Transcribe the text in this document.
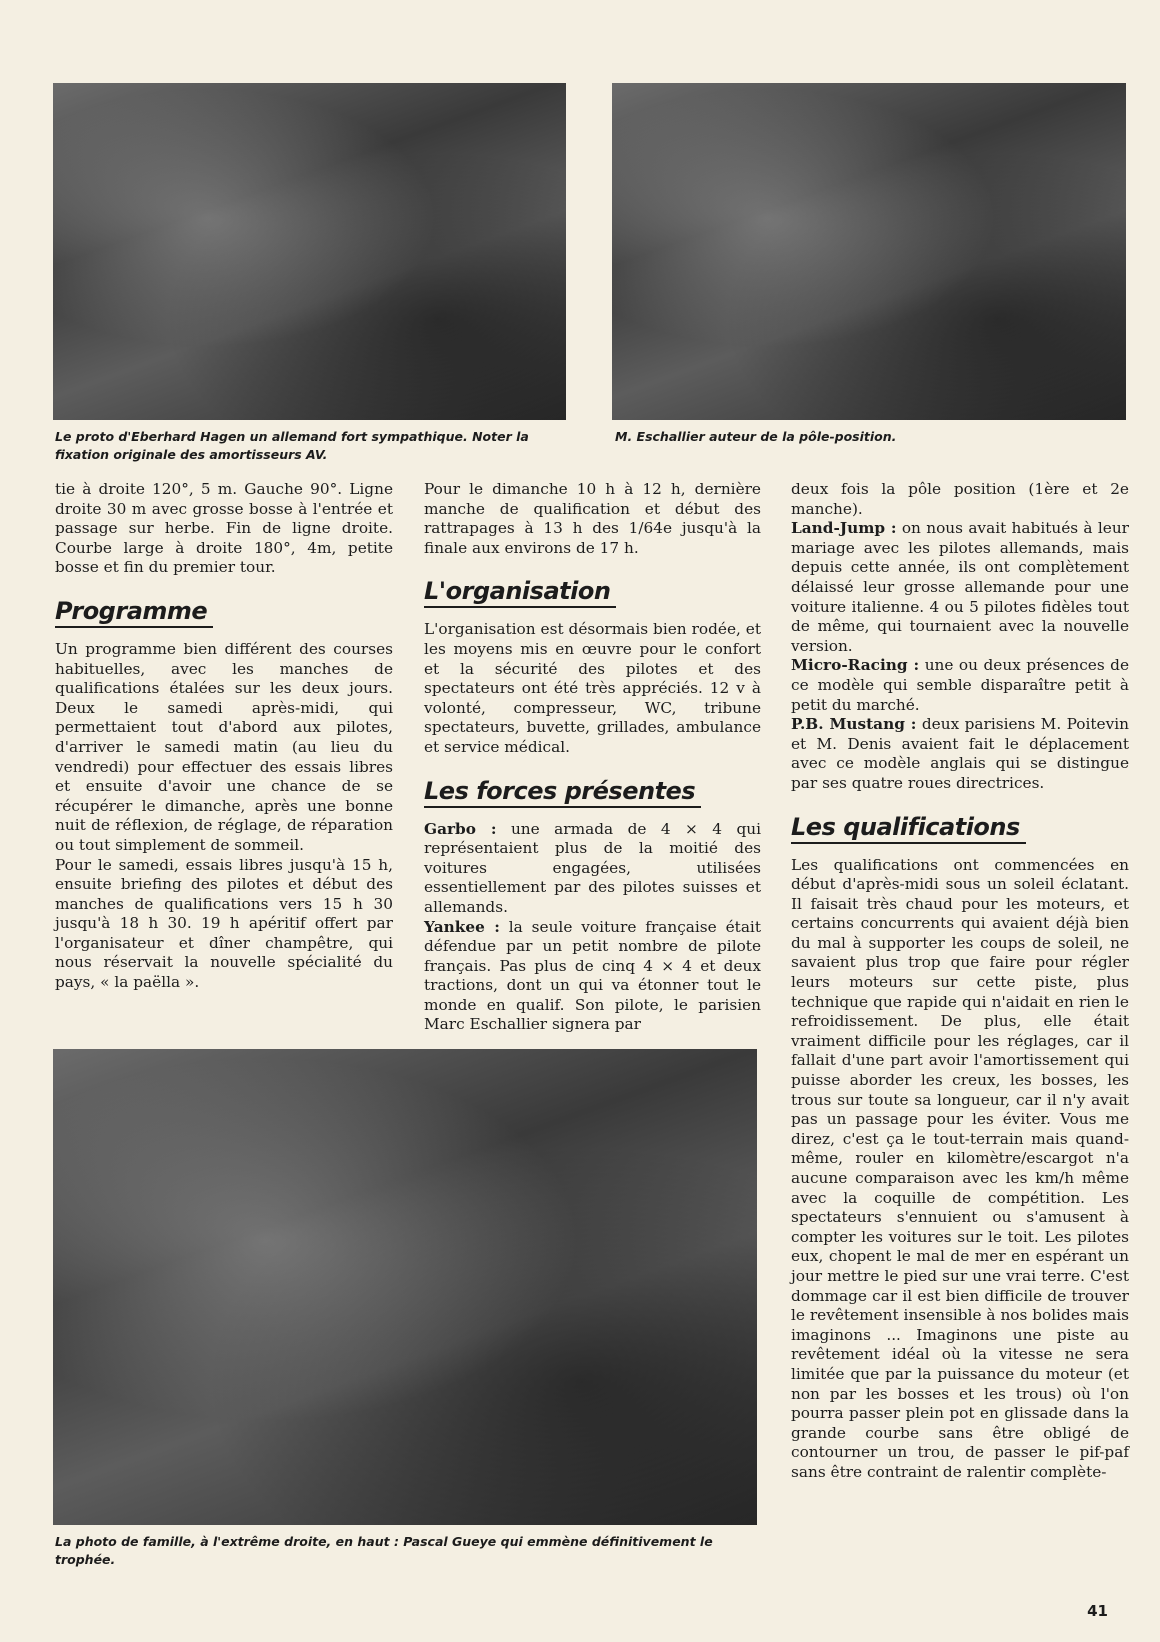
Le proto d'Eberhard Hagen un allemand fort sympathique. Noter la fixation originale des amortisseurs AV.
M. Eschallier auteur de la pôle-position.

tie à droite 120°, 5 m. Gauche 90°. Ligne droite 30 m avec grosse bosse à l'entrée et passage sur herbe. Fin de ligne droite. Courbe large à droite 180°, 4m, petite bosse et fin du premier tour.

Programme

Un programme bien différent des courses habituelles, avec les manches de qualifications étalées sur les deux jours. Deux le samedi après-midi, qui permettaient tout d'abord aux pilotes, d'arriver le samedi matin (au lieu du vendredi) pour effectuer des essais libres et ensuite d'avoir une chance de se récupérer le dimanche, après une bonne nuit de réflexion, de réglage, de réparation ou tout simplement de sommeil.

Pour le samedi, essais libres jusqu'à 15 h, ensuite briefing des pilotes et début des manches de qualifications vers 15 h 30 jusqu'à 18 h 30. 19 h apéritif offert par l'organisateur et dîner champêtre, qui nous réservait la nouvelle spécialité du pays, « la paëlla ».

Pour le dimanche 10 h à 12 h, dernière manche de qualification et début des rattrapages à 13 h des 1/64e jusqu'à la finale aux environs de 17 h.

L'organisation

L'organisation est désormais bien rodée, et les moyens mis en œuvre pour le confort et la sécurité des pilotes et des spectateurs ont été très appréciés. 12 v à volonté, compresseur, WC, tribune spectateurs, buvette, grillades, ambulance et service médical.

Les forces présentes

Garbo : une armada de 4 × 4 qui représentaient plus de la moitié des voitures engagées, utilisées essentiellement par des pilotes suisses et allemands.

Yankee : la seule voiture française était défendue par un petit nombre de pilote français. Pas plus de cinq 4 × 4 et deux tractions, dont un qui va étonner tout le monde en qualif. Son pilote, le parisien Marc Eschallier signera par

deux fois la pôle position (1ère et 2e manche).

Land-Jump : on nous avait habitués à leur mariage avec les pilotes allemands, mais depuis cette année, ils ont complètement délaissé leur grosse allemande pour une voiture italienne. 4 ou 5 pilotes fidèles tout de même, qui tournaient avec la nouvelle version.

Micro-Racing : une ou deux présences de ce modèle qui semble disparaître petit à petit du marché.

P.B. Mustang : deux parisiens M. Poitevin et M. Denis avaient fait le déplacement avec ce modèle anglais qui se distingue par ses quatre roues directrices.

Les qualifications

Les qualifications ont commencées en début d'après-midi sous un soleil éclatant. Il faisait très chaud pour les moteurs, et certains concurrents qui avaient déjà bien du mal à supporter les coups de soleil, ne savaient plus trop que faire pour régler leurs moteurs sur cette piste, plus technique que rapide qui n'aidait en rien le refroidissement. De plus, elle était vraiment difficile pour les réglages, car il fallait d'une part avoir l'amortissement qui puisse aborder les creux, les bosses, les trous sur toute sa longueur, car il n'y avait pas un passage pour les éviter. Vous me direz, c'est ça le tout-terrain mais quand-même, rouler en kilomètre/escargot n'a aucune comparaison avec les km/h même avec la coquille de compétition. Les spectateurs s'ennuient ou s'amusent à compter les voitures sur le toit. Les pilotes eux, chopent le mal de mer en espérant un jour mettre le pied sur une vrai terre. C'est dommage car il est bien difficile de trouver le revêtement insensible à nos bolides mais imaginons ... Imaginons une piste au revêtement idéal où la vitesse ne sera limitée que par la puissance du moteur (et non par les bosses et les trous) où l'on pourra passer plein pot en glissade dans la grande courbe sans être obligé de contourner un trou, de passer le pif-paf sans être contraint de ralentir complète-

La photo de famille, à l'extrême droite, en haut : Pascal Gueye qui emmène définitivement le trophée.
41
